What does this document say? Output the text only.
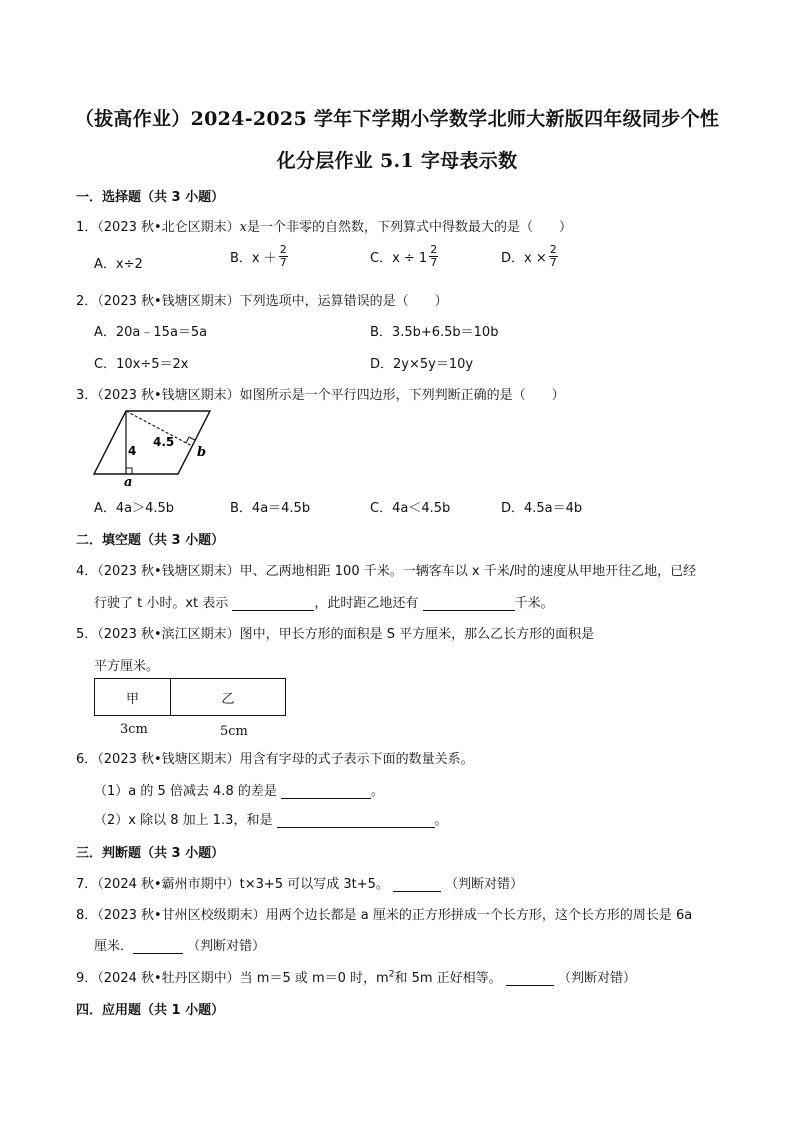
（拔高作业）2024-2025 学年下学期小学数学北师大新版四年级同步个性
化分层作业 5.1 字母表示数
一．选择题（共 3 小题）
1．（2023 秋•北仑区期末）x是一个非零的自然数，下列算式中得数最大的是（　　）
A．x÷2	B．$x + \frac{2}{7}$	C．$x \div 1 \frac{2}{7}$	D．$x \times \frac{2}{7}$
2．（2023 秋•钱塘区期末）下列选项中，运算错误的是（　　）
A．20a﹣15a＝5a	B．3.5b+6.5b＝10b
C．10x÷5＝2x	D．2y×5y＝10y
3．（2023 秋•钱塘区期末）如图所示是一个平行四边形，下列判断正确的是（　　）
4.5
4
a
b
A．4a＞4.5b	B．4a＝4.5b	C．4a＜4.5b	D．4.5a＝4b
二．填空题（共 3 小题）
4．（2023 秋•钱塘区期末）甲、乙两地相距 100 千米。一辆客车以 x 千米/时的速度从甲地开往乙地，已经
行驶了 t 小时。xt 表示	，此时距乙地还有	千米。
5．（2023 秋•滨江区期末）图中，甲长方形的面积是 S 平方厘米，那么乙长方形的面积是
平方厘米。
甲	乙
3cm	5cm
6．（2023 秋•钱塘区期末）用含有字母的式子表示下面的数量关系。
（1）a 的 5 倍减去 4.8 的差是	。
（2）x 除以 8 加上 1.3，和是	。
三．判断题（共 3 小题）
7．（2024 秋•霸州市期中）t×3+5 可以写成 3t+5。	（判断对错）
8．（2023 秋•甘州区校级期末）用两个边长都是 a 厘米的正方形拼成一个长方形，这个长方形的周长是 6a
厘米．	（判断对错）
9．（2024 秋•牡丹区期中）当 m＝5 或 m＝0 时，$m^2$和 5m 正好相等。	（判断对错）
四．应用题（共 1 小题）
